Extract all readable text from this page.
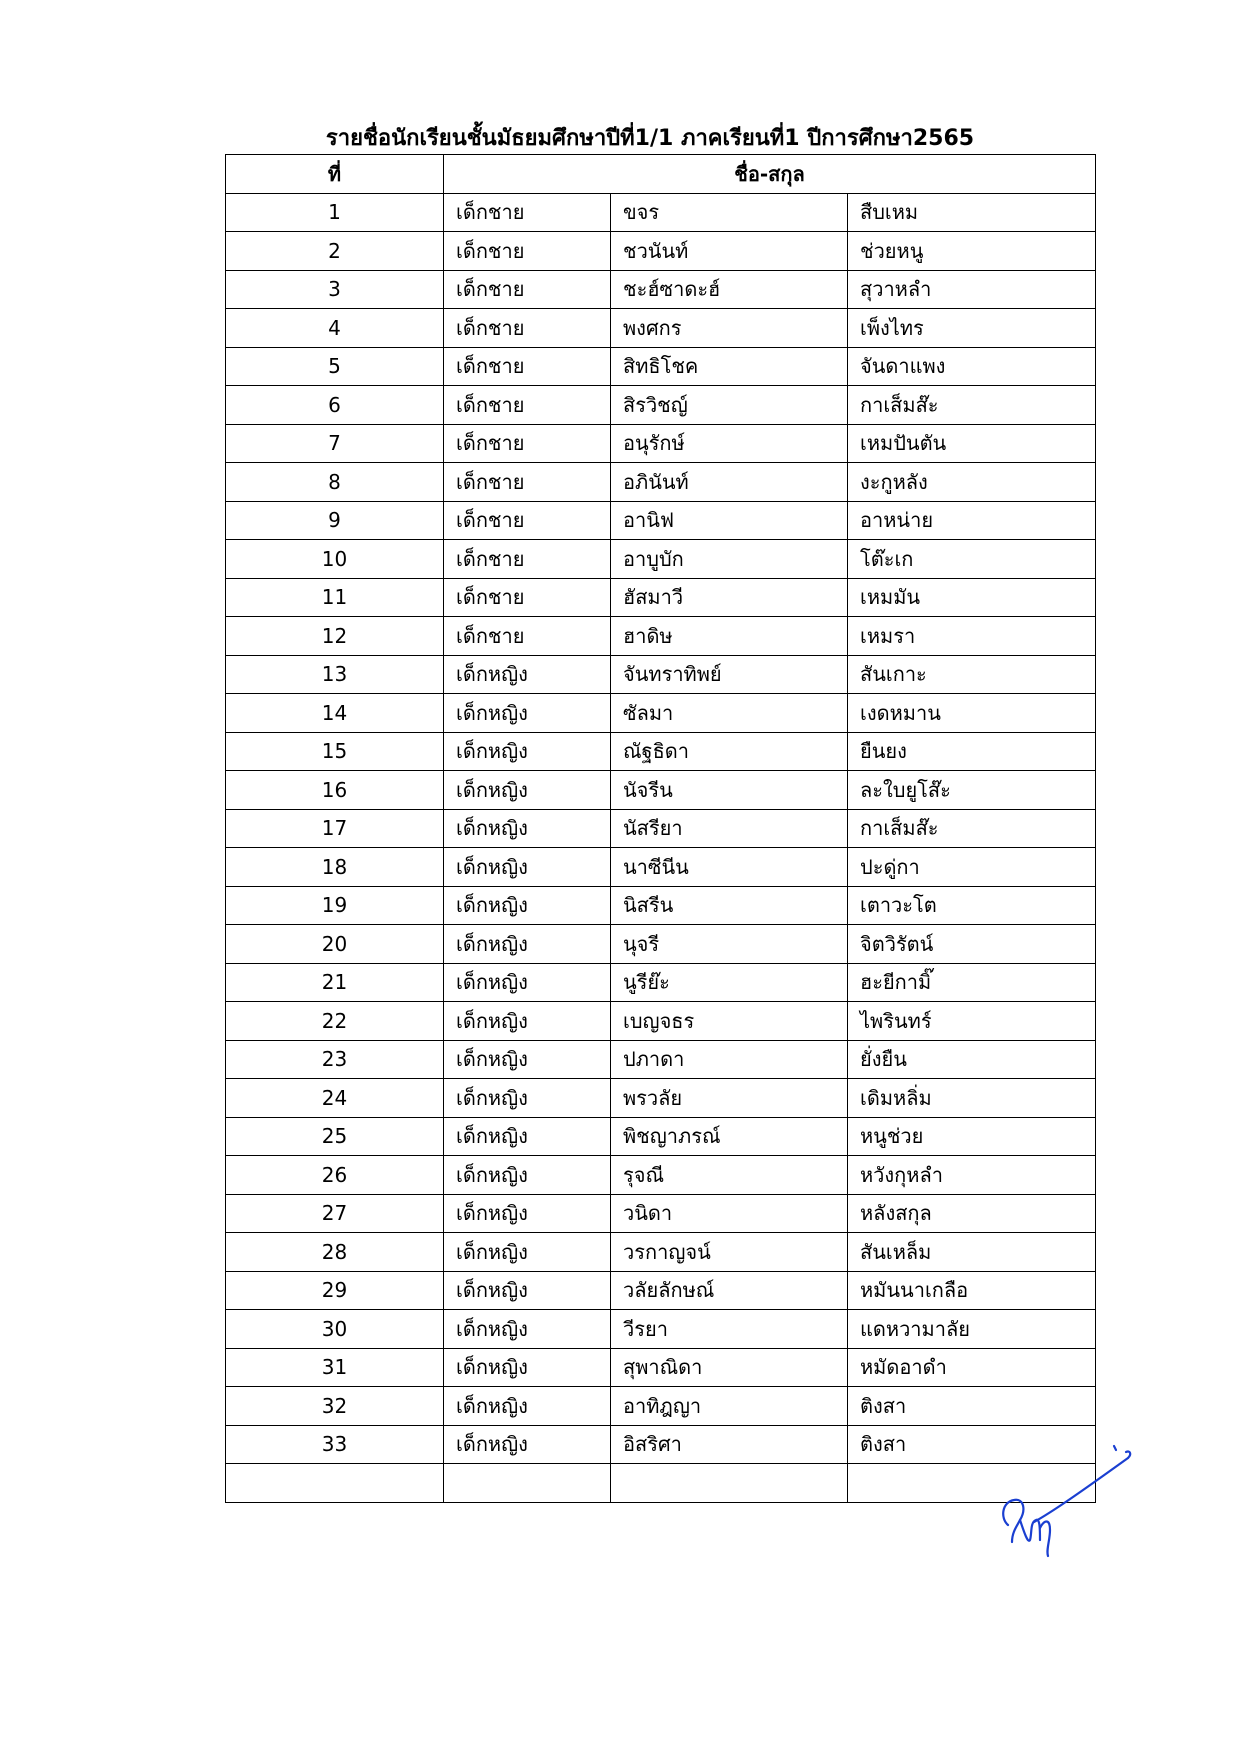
รายชื่อนักเรียนชั้นมัธยมศึกษาปีที่1/1 ภาคเรียนที่1 ปีการศึกษา2565
ที่	ชื่อ-สกุล		
1	เด็กชาย	ขจร	สืบเหม
2	เด็กชาย	ชวนันท์	ช่วยหนู
3	เด็กชาย	ชะฮ์ซาดะฮ์	สุวาหลำ
4	เด็กชาย	พงศกร	เพ็งไทร
5	เด็กชาย	สิทธิโชค	จันดาแพง
6	เด็กชาย	สิรวิชญ์	กาเส็มส๊ะ
7	เด็กชาย	อนุรักษ์	เหมปันตัน
8	เด็กชาย	อภินันท์	งะกูหลัง
9	เด็กชาย	อานิฟ	อาหน่าย
10	เด็กชาย	อาบูบัก	โต๊ะเก
11	เด็กชาย	ฮัสมาวี	เหมมัน
12	เด็กชาย	ฮาดิษ	เหมรา
13	เด็กหญิง	จันทราทิพย์	สันเกาะ
14	เด็กหญิง	ซัลมา	เงดหมาน
15	เด็กหญิง	ณัฐธิดา	ยืนยง
16	เด็กหญิง	นัจรีน	ละใบยูโส๊ะ
17	เด็กหญิง	นัสรียา	กาเส็มส๊ะ
18	เด็กหญิง	นาซีนีน	ปะดู่กา
19	เด็กหญิง	นิสรีน	เตาวะโต
20	เด็กหญิง	นุจรี	จิตวิรัตน์
21	เด็กหญิง	นูรีย๊ะ	ฮะยีกามิ๊
22	เด็กหญิง	เบญจธร	ไพรินทร์
23	เด็กหญิง	ปภาดา	ยั่งยืน
24	เด็กหญิง	พรวลัย	เดิมหลิ่ม
25	เด็กหญิง	พิชญาภรณ์	หนูช่วย
26	เด็กหญิง	รุจณี	หวังกุหลำ
27	เด็กหญิง	วนิดา	หลังสกุล
28	เด็กหญิง	วรกาญจน์	สันเหล็ม
29	เด็กหญิง	วลัยลักษณ์	หมันนาเกลือ
30	เด็กหญิง	วีรยา	แดหวามาลัย
31	เด็กหญิง	สุพาณิดา	หมัดอาดำ
32	เด็กหญิง	อาทิฎญา	ติงสา
33	เด็กหญิง	อิสริศา	ติงสา
